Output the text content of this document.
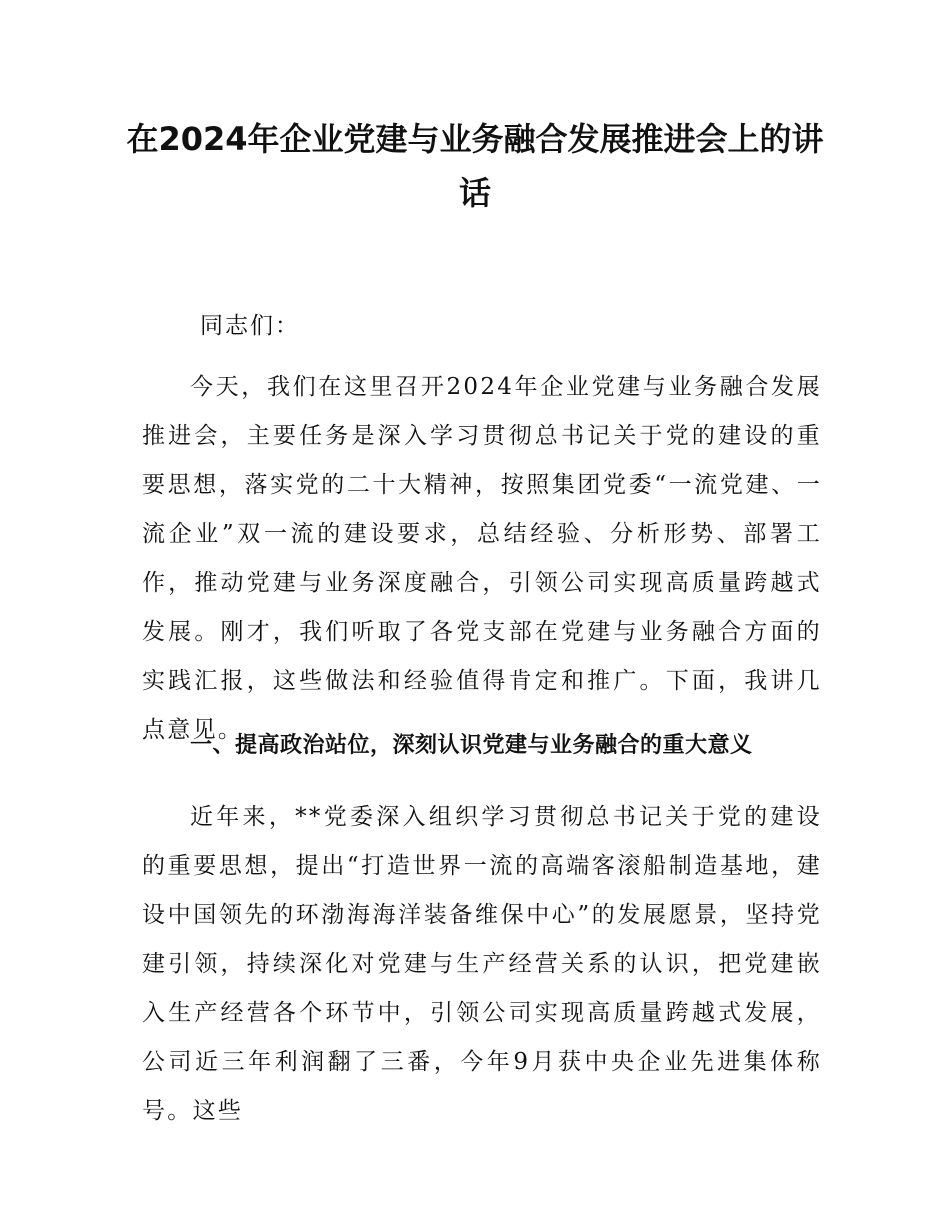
在2024年企业党建与业务融合发展推进会上的讲话
同志们：
今天，我们在这里召开2024年企业党建与业务融合发展推进会，主要任务是深入学习贯彻总书记关于党的建设的重要思想，落实党的二十大精神，按照集团党委“一流党建、一流企业”双一流的建设要求，总结经验、分析形势、部署工作，推动党建与业务深度融合，引领公司实现高质量跨越式发展。刚才，我们听取了各党支部在党建与业务融合方面的实践汇报，这些做法和经验值得肯定和推广。下面，我讲几点意见。
一、提高政治站位，深刻认识党建与业务融合的重大意义
近年来，**党委深入组织学习贯彻总书记关于党的建设的重要思想，提出“打造世界一流的高端客滚船制造基地，建设中国领先的环渤海海洋装备维保中心”的发展愿景，坚持党建引领，持续深化对党建与生产经营关系的认识，把党建嵌入生产经营各个环节中，引领公司实现高质量跨越式发展，公司近三年利润翻了三番，今年9月获中央企业先进集体称号。这些
